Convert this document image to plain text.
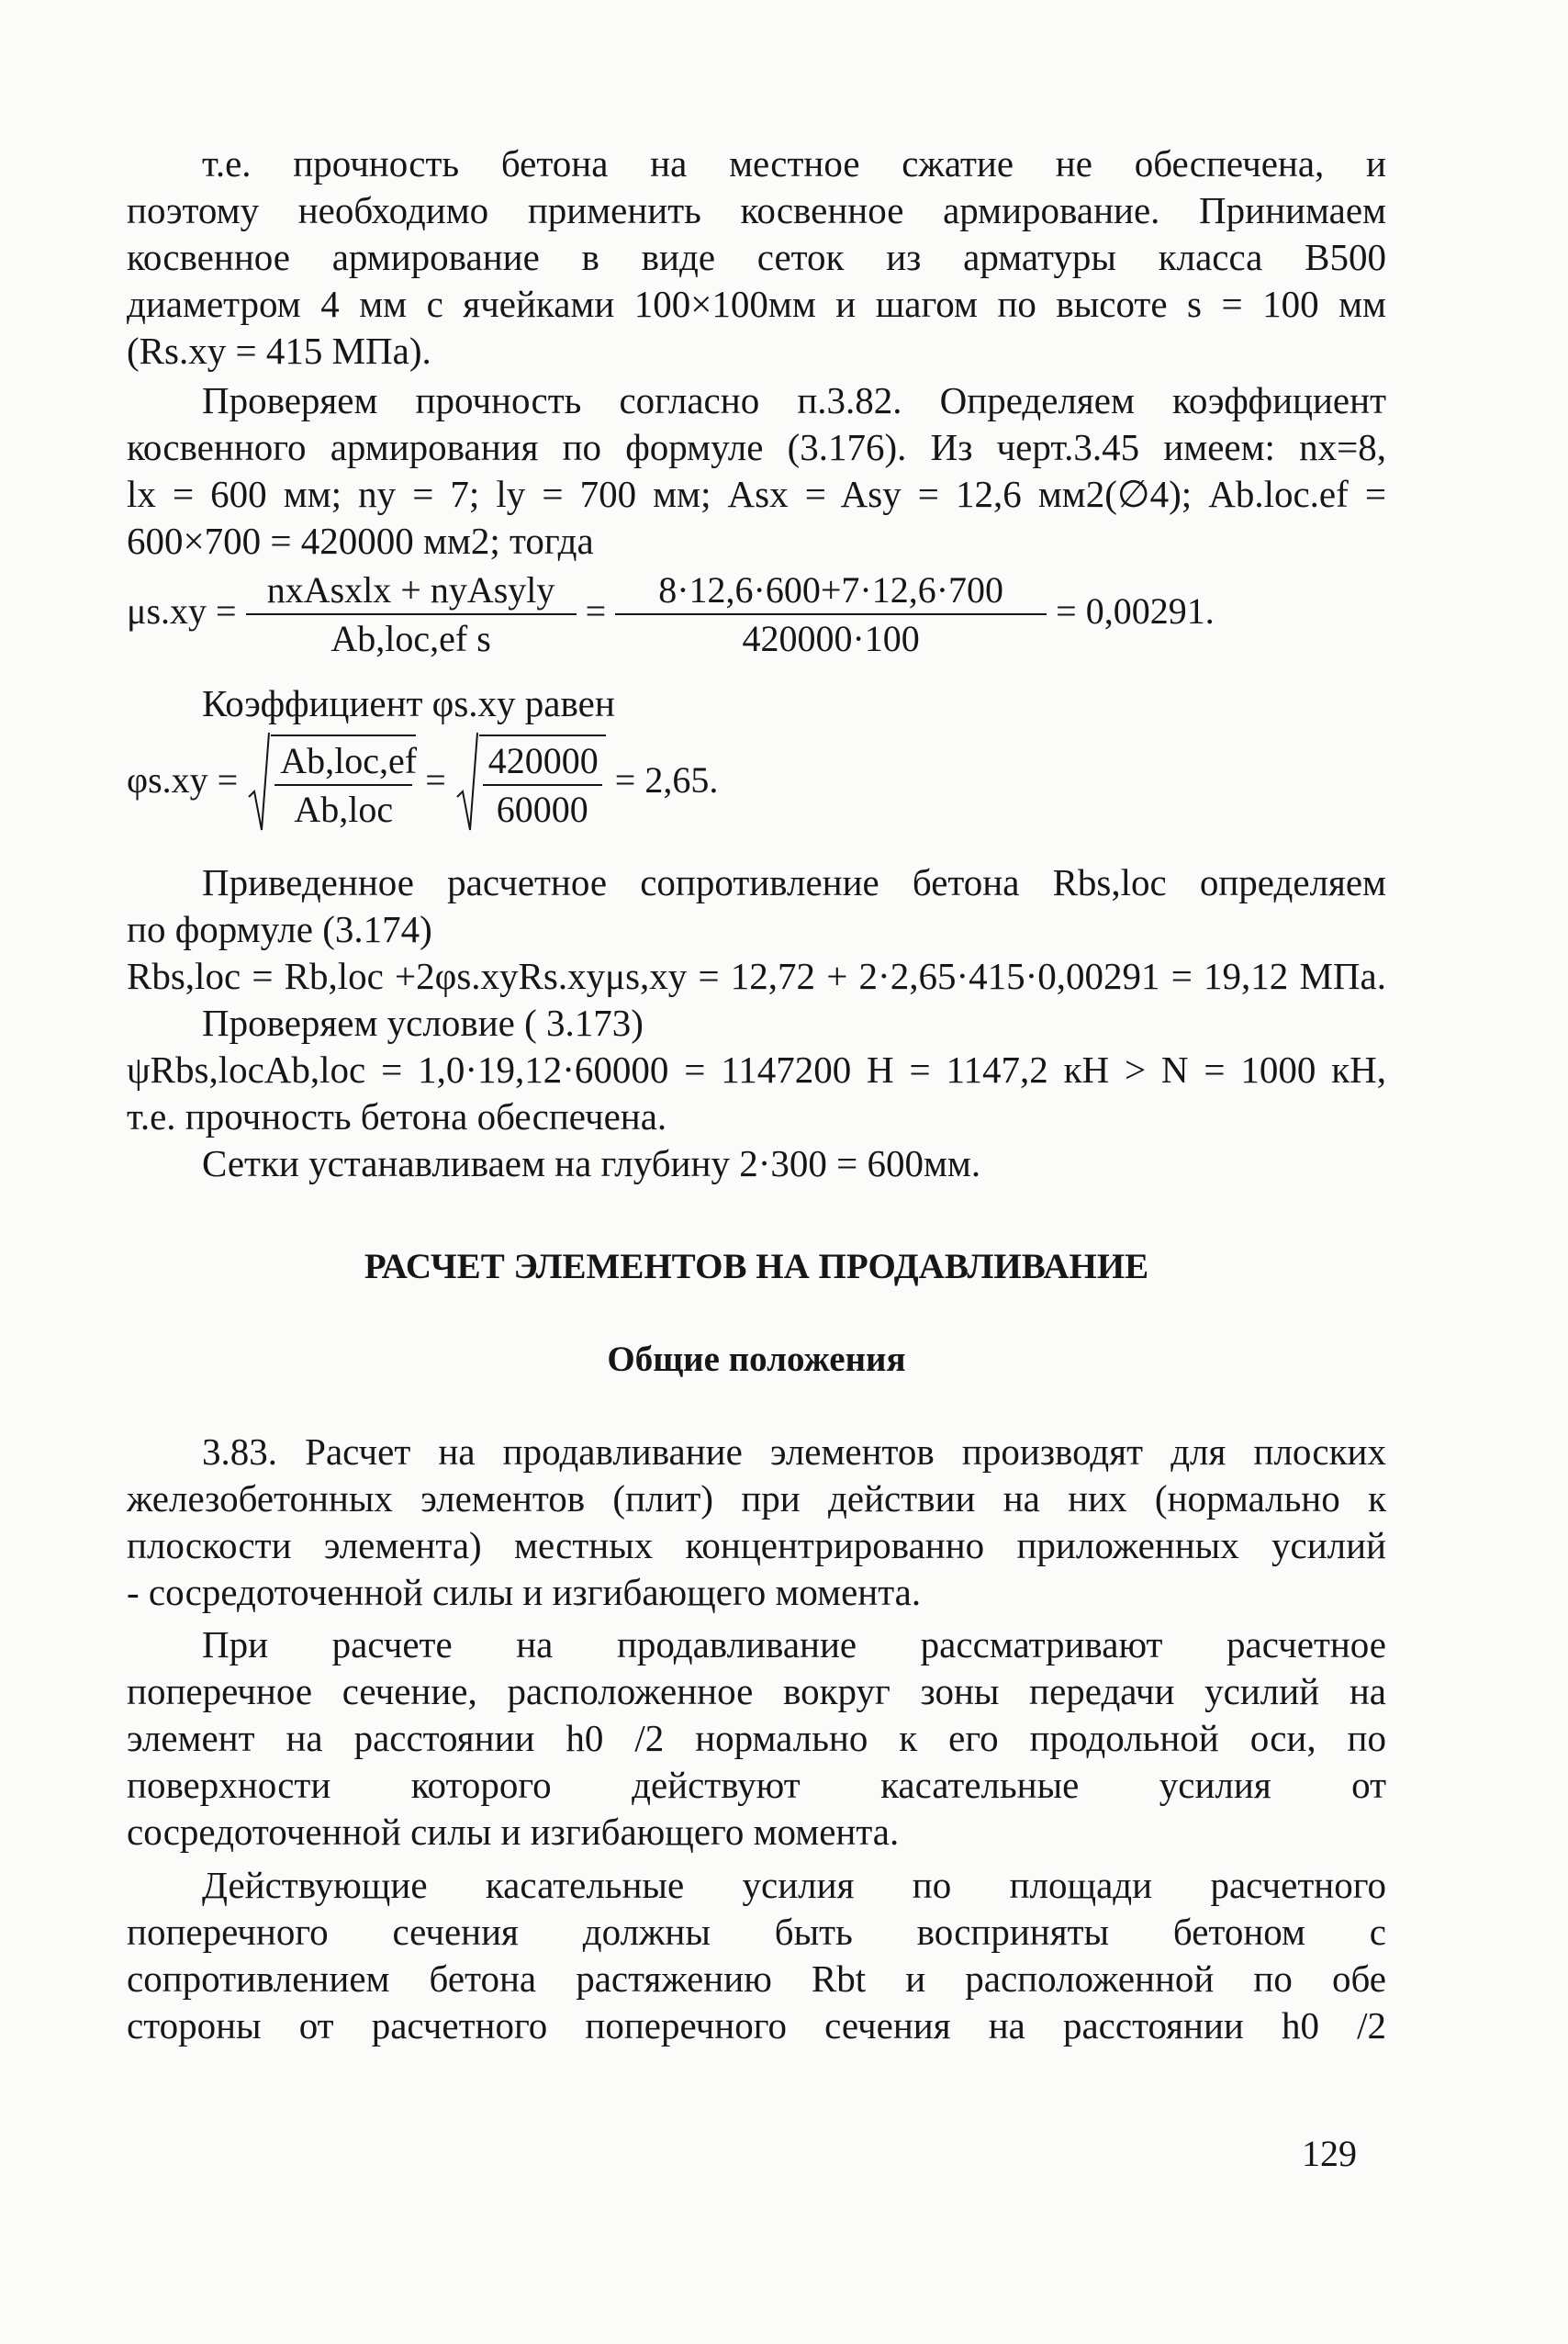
т.е. прочность бетона на местное сжатие не обеспечена, и

поэтому необходимо применить косвенное армирование. Принимаем

косвенное армирование в виде сеток из арматуры класса В500

диаметром 4 мм с ячейками 100×100мм и шагом по высоте s = 100 мм

(Rs.xy = 415 МПа).

Проверяем прочность согласно п.3.82. Определяем коэффициент

косвенного армирования по формуле (3.176). Из черт.3.45 имеем: nx=8,

lx = 600 мм; ny = 7; ly = 700 мм; Asx = Asy = 12,6 мм2(∅4); Ab.loc.ef =

600×700 = 420000 мм2; тогда

$\mu s.xy = \frac{\text{nxAsxlx + nyAsyly}}{\text{Ab,loc,ef s}} = \frac{8\cdot 12,6\cdot 600+7\cdot 12,6\cdot 700}{420000\cdot 100} = 0,00291$.

Коэффициент φs.xy равен

$\varphi s.xy = \frac{\text{Ab,loc,ef}}{\text{Ab,loc}} = \frac{420000}{60000} = 2,65$.

Приведенное расчетное сопротивление бетона Rbs,loc определяем

по формуле (3.174)

Rbs,loc = Rb,loc +2φs.xyRs.xyμs,xy = 12,72 + 2·2,65·415·0,00291 = 19,12 МПа.

Проверяем условие ( 3.173)

ψRbs,locAb,loc = 1,0·19,12·60000 = 1147200 Н = 1147,2 кН > N = 1000 кН,

т.е. прочность бетона обеспечена.

Сетки устанавливаем на глубину 2·300 = 600мм.

РАСЧЕТ ЭЛЕМЕНТОВ НА ПРОДАВЛИВАНИЕ
Общие положения

3.83. Расчет на продавливание элементов производят для плоских

железобетонных элементов (плит) при действии на них (нормально к

плоскости элемента) местных концентрированно приложенных усилий

- сосредоточенной силы и изгибающего момента.

При расчете на продавливание рассматривают расчетное

поперечное сечение, расположенное вокруг зоны передачи усилий на

элемент на расстоянии h0 /2 нормально к его продольной оси, по

поверхности которого действуют касательные усилия от

сосредоточенной силы и изгибающего момента.

Действующие касательные усилия по площади расчетного

поперечного сечения должны быть восприняты бетоном с

сопротивлением бетона растяжению Rbt и расположенной по обе

стороны от расчетного поперечного сечения на расстоянии h0 /2

129
